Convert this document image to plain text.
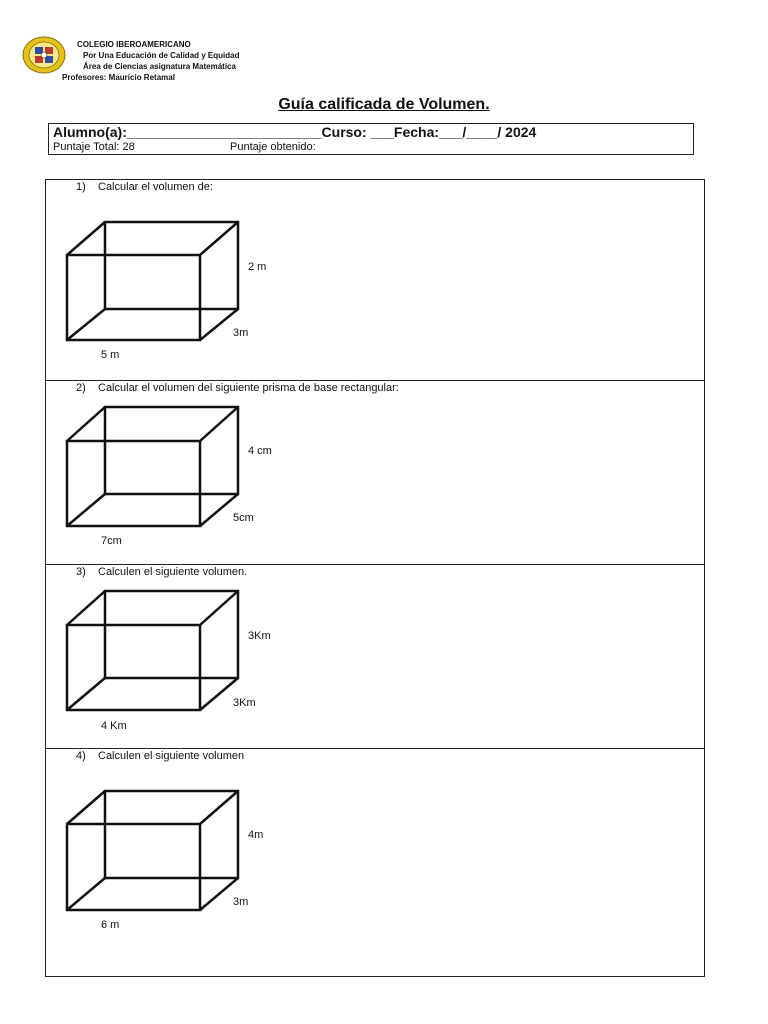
COLEGIO IBEROAMERICANO
Por Una Educación de Calidad y Equidad
Área de Ciencias asignatura Matemática
Profesores: Mauricio Retamal
Guía calificada de Volumen.
Alumno(a):_________________________Curso: ___Fecha:___/____/ 2024
Puntaje Total: 28	Puntaje obtenido:
1) Calcular el volumen de:
2 m
3m
5 m
2) Calcular el volumen del siguiente prisma de base rectangular:
4 cm
5cm
7cm
3) Calculen el siguiente volumen.
3Km
3Km
4 Km
4) Calculen el siguiente volumen
4m
3m
6 m
